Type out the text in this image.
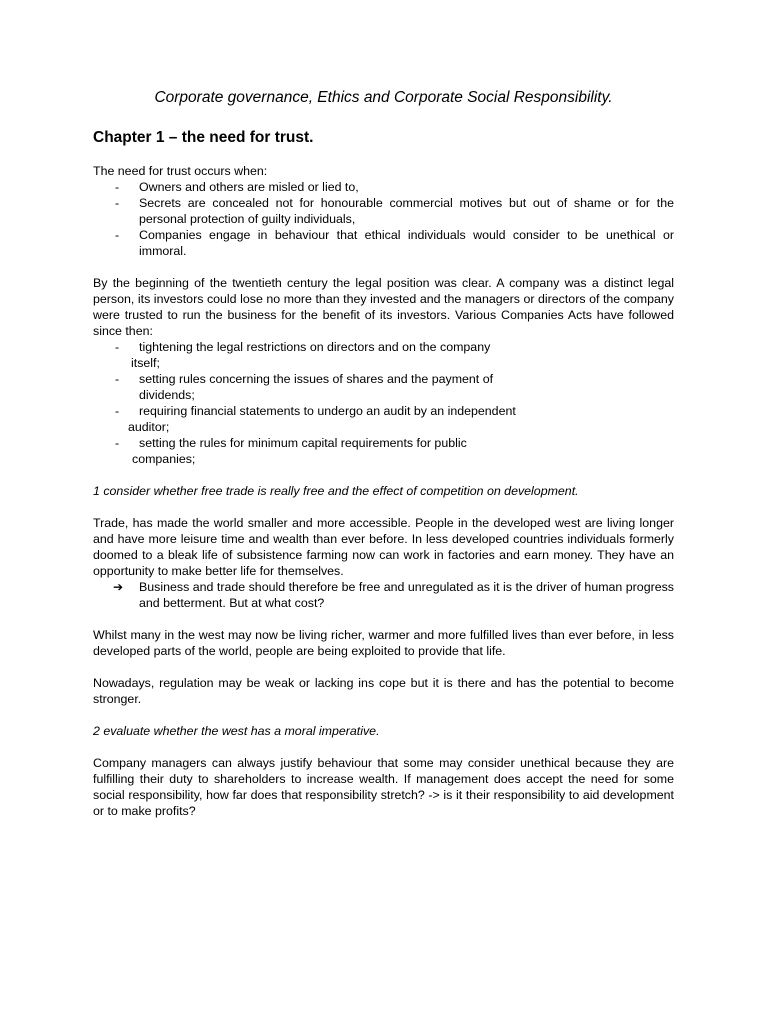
Corporate governance, Ethics and Corporate Social Responsibility.
Chapter 1 – the need for trust.

The need for trust occurs when:

- Owners and others are misled or lied to,
- Secrets are concealed not for honourable commercial motives but out of shame or for the personal protection of guilty individuals,
- Companies engage in behaviour that ethical individuals would consider to be unethical or immoral.

By the beginning of the twentieth century the legal position was clear. A company was a distinct legal person, its investors could lose no more than they invested and the managers or directors of the company were trusted to run the business for the benefit of its investors. Various Companies Acts have followed since then:

- tightening the legal restrictions on directors and on the company
itself;
- setting rules concerning the issues of shares and the payment of
dividends;
- requiring financial statements to undergo an audit by an independent
auditor;
- setting the rules for minimum capital requirements for public
companies;

1 consider whether free trade is really free and the effect of competition on development.

Trade, has made the world smaller and more accessible. People in the developed west are living longer and have more leisure time and wealth than ever before. In less developed countries individuals formerly doomed to a bleak life of subsistence farming now can work in factories and earn money. They have an opportunity to make better life for themselves.

➔ Business and trade should therefore be free and unregulated as it is the driver of human progress and betterment. But at what cost?

Whilst many in the west may now be living richer, warmer and more fulfilled lives than ever before, in less developed parts of the world, people are being exploited to provide that life.

Nowadays, regulation may be weak or lacking ins cope but it is there and has the potential to become stronger.

2 evaluate whether the west has a moral imperative.

Company managers can always justify behaviour that some may consider unethical because they are fulfilling their duty to shareholders to increase wealth. If management does accept the need for some social responsibility, how far does that responsibility stretch? -> is it their responsibility to aid development or to make profits?
